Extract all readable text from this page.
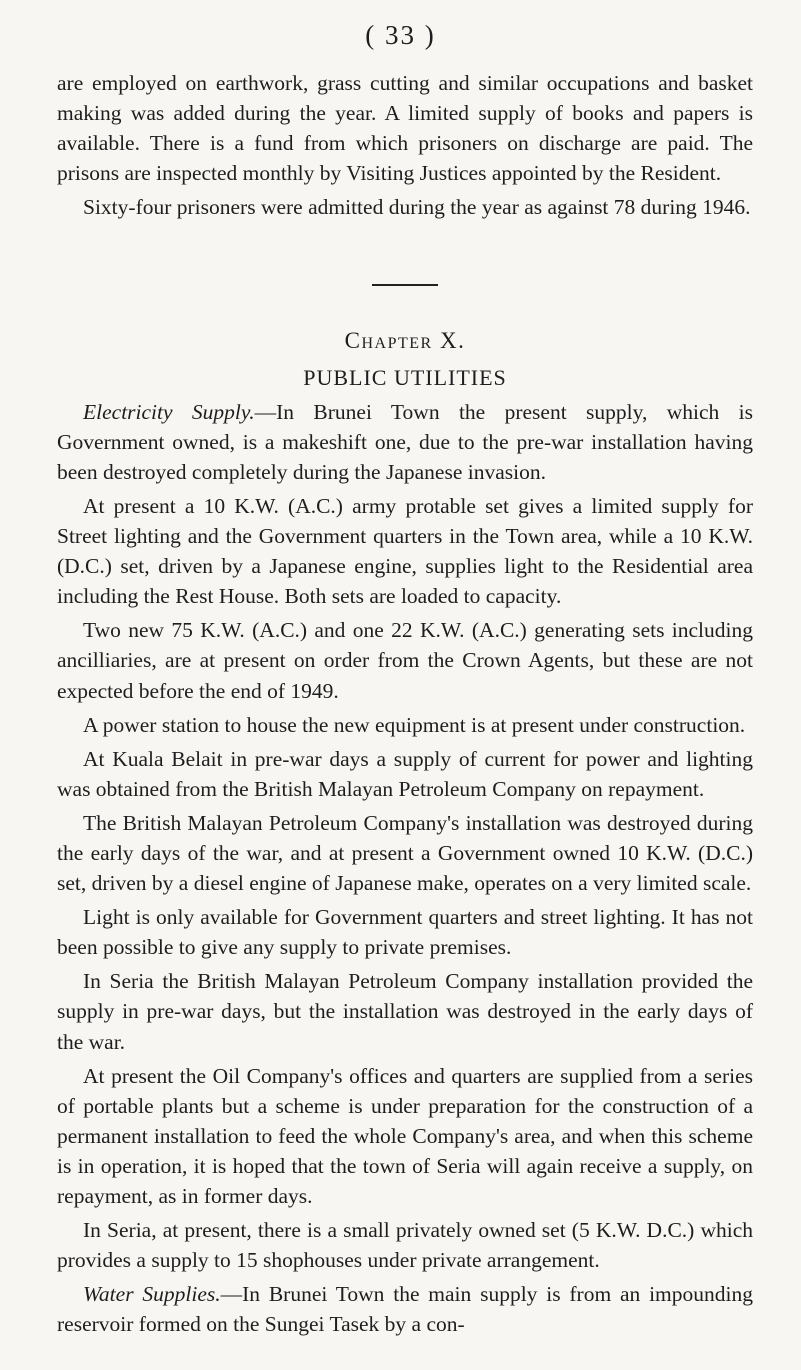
( 33 )

are employed on earthwork, grass cutting and similar occupations and basket making was added during the year. A limited supply of books and papers is available. There is a fund from which prisoners on discharge are paid. The prisons are inspected monthly by Visiting Justices appointed by the Resident.

Sixty-four prisoners were admitted during the year as against 78 during 1946.

Chapter X.
PUBLIC UTILITIES

Electricity Supply.—In Brunei Town the present supply, which is Government owned, is a makeshift one, due to the pre-war installation having been destroyed completely during the Japanese invasion.

At present a 10 K.W. (A.C.) army protable set gives a limited supply for Street lighting and the Government quarters in the Town area, while a 10 K.W. (D.C.) set, driven by a Japanese engine, supplies light to the Residential area including the Rest House. Both sets are loaded to capacity.

Two new 75 K.W. (A.C.) and one 22 K.W. (A.C.) generating sets including ancilliaries, are at present on order from the Crown Agents, but these are not expected before the end of 1949.

A power station to house the new equipment is at present under construction.

At Kuala Belait in pre-war days a supply of current for power and lighting was obtained from the British Malayan Petroleum Company on repayment.

The British Malayan Petroleum Company's installation was destroyed during the early days of the war, and at present a Government owned 10 K.W. (D.C.) set, driven by a diesel engine of Japanese make, operates on a very limited scale.

Light is only available for Government quarters and street lighting. It has not been possible to give any supply to private premises.

In Seria the British Malayan Petroleum Company installation provided the supply in pre-war days, but the installation was destroyed in the early days of the war.

At present the Oil Company's offices and quarters are supplied from a series of portable plants but a scheme is under preparation for the construction of a permanent installation to feed the whole Company's area, and when this scheme is in operation, it is hoped that the town of Seria will again receive a supply, on repayment, as in former days.

In Seria, at present, there is a small privately owned set (5 K.W. D.C.) which provides a supply to 15 shophouses under private arrangement.

Water Supplies.—In Brunei Town the main supply is from an impounding reservoir formed on the Sungei Tasek by a con-
